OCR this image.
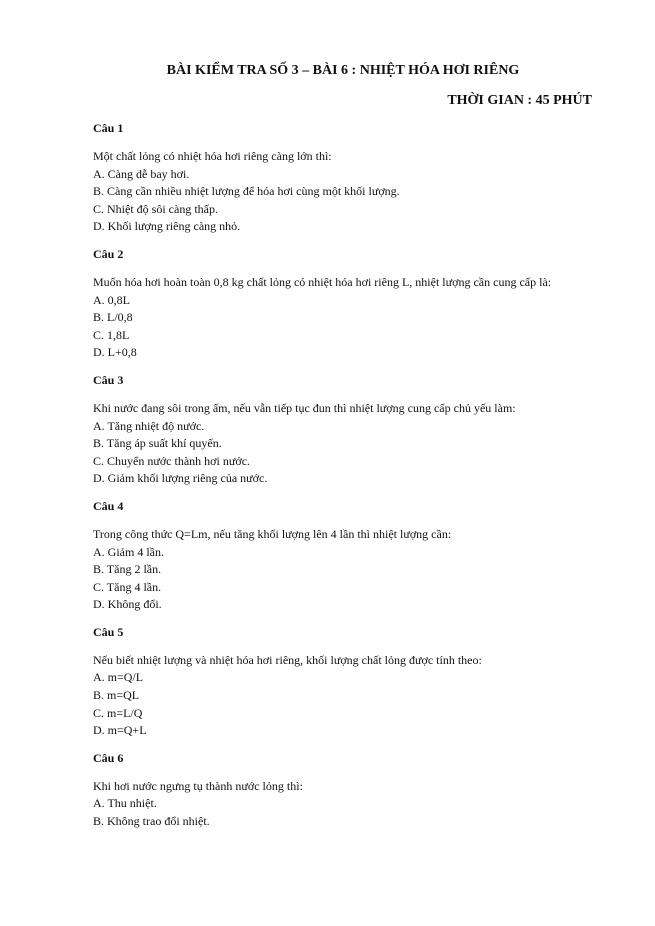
BÀI KIỂM TRA SỐ 3 – BÀI 6 : NHIỆT HÓA HƠI RIÊNG
THỜI GIAN : 45 PHÚT
Câu 1
Một chất lỏng có nhiệt hóa hơi riêng càng lớn thì:
A. Càng dễ bay hơi.
B. Càng cần nhiều nhiệt lượng để hóa hơi cùng một khối lượng.
C. Nhiệt độ sôi càng thấp.
D. Khối lượng riêng càng nhỏ.
Câu 2
Muốn hóa hơi hoàn toàn 0,8 kg chất lỏng có nhiệt hóa hơi riêng L, nhiệt lượng cần cung cấp là:
A. 0,8L
B. L/0,8
C. 1,8L
D. L+0,8
Câu 3
Khi nước đang sôi trong ấm, nếu vẫn tiếp tục đun thì nhiệt lượng cung cấp chủ yếu làm:
A. Tăng nhiệt độ nước.
B. Tăng áp suất khí quyển.
C. Chuyển nước thành hơi nước.
D. Giảm khối lượng riêng của nước.
Câu 4
Trong công thức Q=Lm, nếu tăng khối lượng lên 4 lần thì nhiệt lượng cần:
A. Giảm 4 lần.
B. Tăng 2 lần.
C. Tăng 4 lần.
D. Không đổi.
Câu 5
Nếu biết nhiệt lượng và nhiệt hóa hơi riêng, khối lượng chất lỏng được tính theo:
A. m=Q/L
B. m=QL
C. m=L/Q
D. m=Q+L
Câu 6
Khi hơi nước ngưng tụ thành nước lỏng thì:
A. Thu nhiệt.
B. Không trao đổi nhiệt.
